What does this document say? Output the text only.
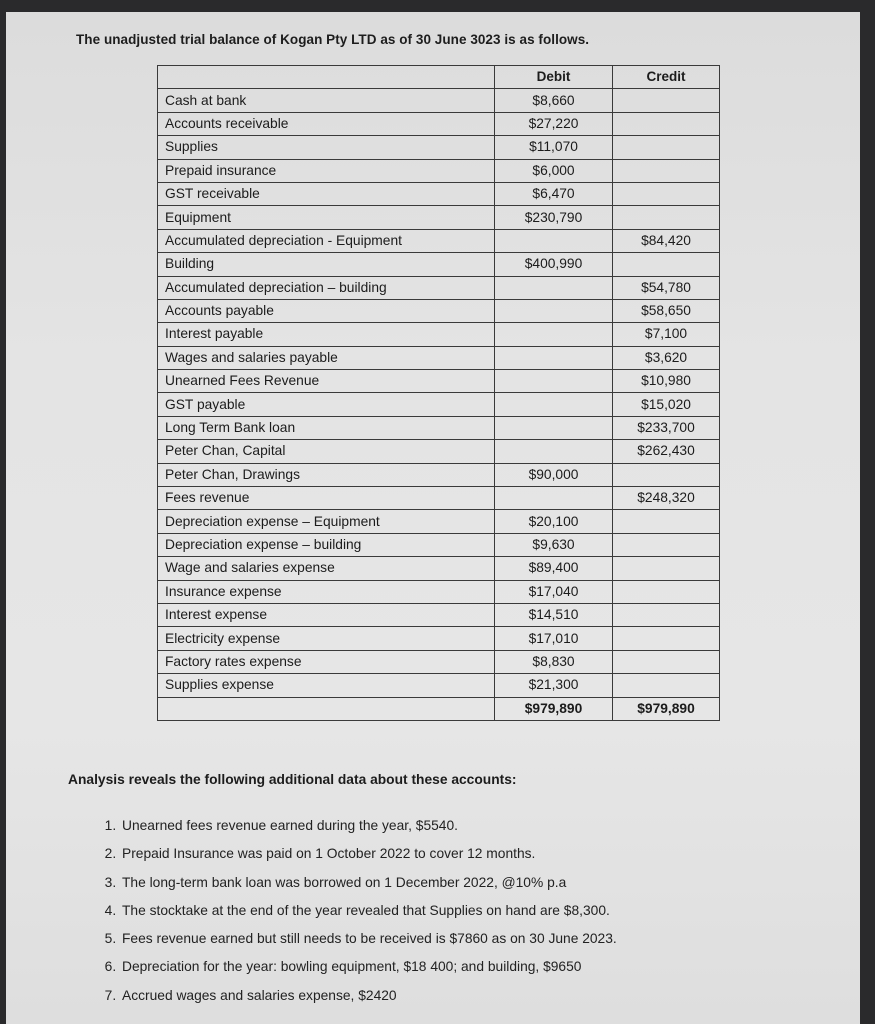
The unadjusted trial balance of Kogan Pty LTD as of 30 June 3023 is as follows.
	Debit	Credit
Cash at bank	$8,660	
Accounts receivable	$27,220	
Supplies	$11,070	
Prepaid insurance	$6,000	
GST receivable	$6,470	
Equipment	$230,790	
Accumulated depreciation - Equipment		$84,420
Building	$400,990	
Accumulated depreciation – building		$54,780
Accounts payable		$58,650
Interest payable		$7,100
Wages and salaries payable		$3,620
Unearned Fees Revenue		$10,980
GST payable		$15,020
Long Term Bank loan		$233,700
Peter Chan, Capital		$262,430
Peter Chan, Drawings	$90,000	
Fees revenue		$248,320
Depreciation expense – Equipment	$20,100	
Depreciation expense – building	$9,630	
Wage and salaries expense	$89,400	
Insurance expense	$17,040	
Interest expense	$14,510	
Electricity expense	$17,010	
Factory rates expense	$8,830	
Supplies expense	$21,300	
	$979,890	$979,890
Analysis reveals the following additional data about these accounts:
1. Unearned fees revenue earned during the year, $5540.
2. Prepaid Insurance was paid on 1 October 2022 to cover 12 months.
3. The long-term bank loan was borrowed on 1 December 2022, @10% p.a
4. The stocktake at the end of the year revealed that Supplies on hand are $8,300.
5. Fees revenue earned but still needs to be received is $7860 as on 30 June 2023.
6. Depreciation for the year: bowling equipment, $18 400; and building, $9650
7. Accrued wages and salaries expense, $2420
